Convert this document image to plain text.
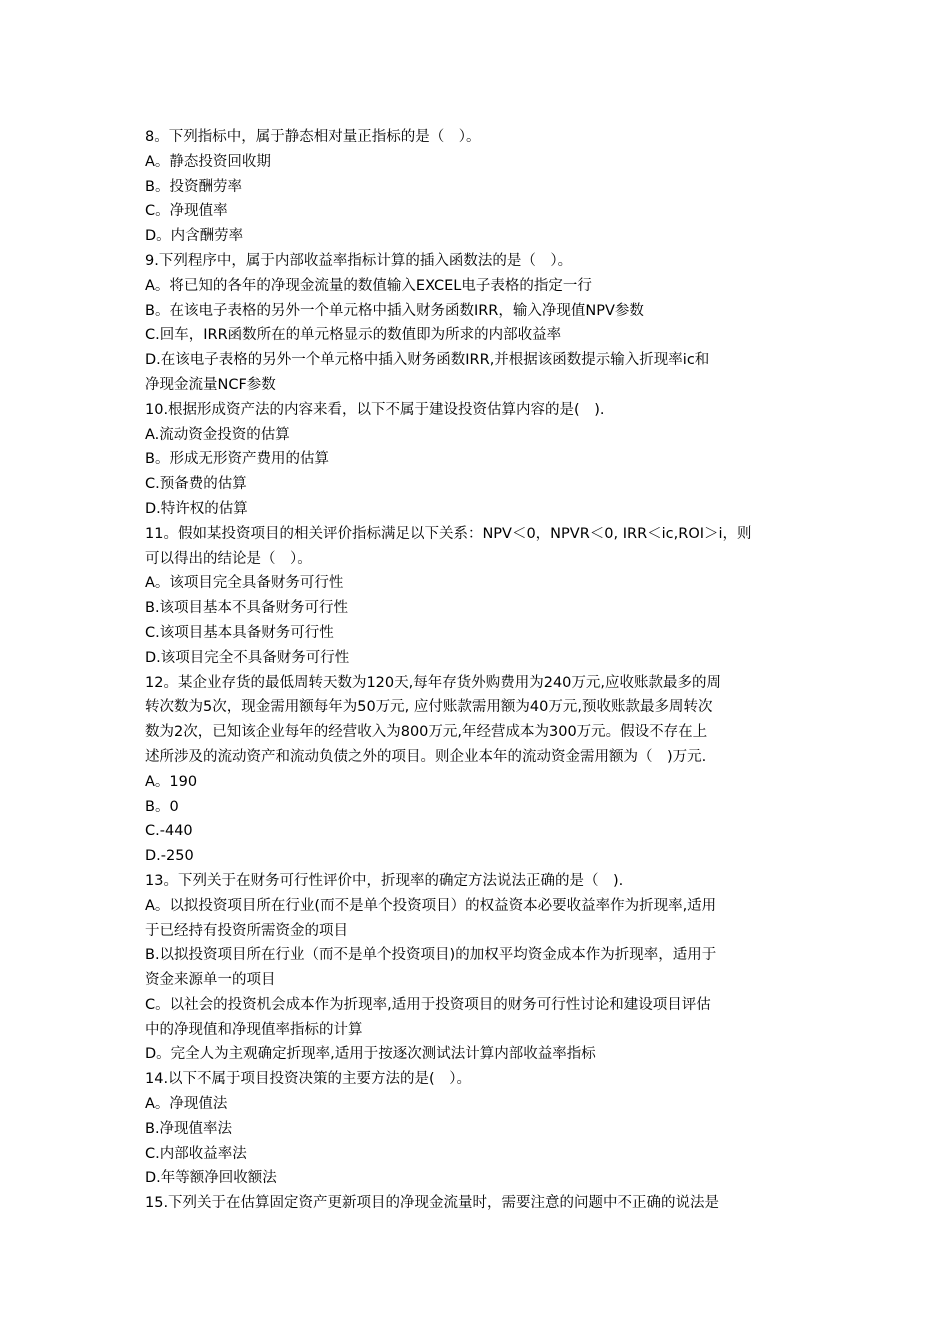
8。下列指标中，属于静态相对量正指标的是（　）。
A。静态投资回收期
B。投资酬劳率
C。净现值率
D。内含酬劳率
9.下列程序中，属于内部收益率指标计算的插入函数法的是（　）。
A。将已知的各年的净现金流量的数值输入EXCEL电子表格的指定一行
B。在该电子表格的另外一个单元格中插入财务函数IRR，输入净现值NPV参数
C.回车，IRR函数所在的单元格显示的数值即为所求的内部收益率
D.在该电子表格的另外一个单元格中插入财务函数IRR,并根据该函数提示输入折现率ic和
净现金流量NCF参数
10.根据形成资产法的内容来看，以下不属于建设投资估算内容的是(　).
A.流动资金投资的估算
B。形成无形资产费用的估算
C.预备费的估算
D.特许权的估算
11。假如某投资项目的相关评价指标满足以下关系：NPV＜0，NPVR＜0, IRR＜ic,ROI＞i，则
可以得出的结论是（　）。
A。该项目完全具备财务可行性
B.该项目基本不具备财务可行性
C.该项目基本具备财务可行性
D.该项目完全不具备财务可行性
12。某企业存货的最低周转天数为120天,每年存货外购费用为240万元,应收账款最多的周
转次数为5次，现金需用额每年为50万元, 应付账款需用额为40万元,预收账款最多周转次
数为2次，已知该企业每年的经营收入为800万元,年经营成本为300万元。假设不存在上
述所涉及的流动资产和流动负债之外的项目。则企业本年的流动资金需用额为（　)万元.
A。190
B。0
C.-440
D.-250
13。下列关于在财务可行性评价中，折现率的确定方法说法正确的是（　).
A。以拟投资项目所在行业(而不是单个投资项目）的权益资本必要收益率作为折现率,适用
于已经持有投资所需资金的项目
B.以拟投资项目所在行业（而不是单个投资项目)的加权平均资金成本作为折现率，适用于
资金来源单一的项目
C。以社会的投资机会成本作为折现率,适用于投资项目的财务可行性讨论和建设项目评估
中的净现值和净现值率指标的计算
D。完全人为主观确定折现率,适用于按逐次测试法计算内部收益率指标
14.以下不属于项目投资决策的主要方法的是(　）。
A。净现值法
B.净现值率法
C.内部收益率法
D.年等额净回收额法
15.下列关于在估算固定资产更新项目的净现金流量时，需要注意的问题中不正确的说法是
